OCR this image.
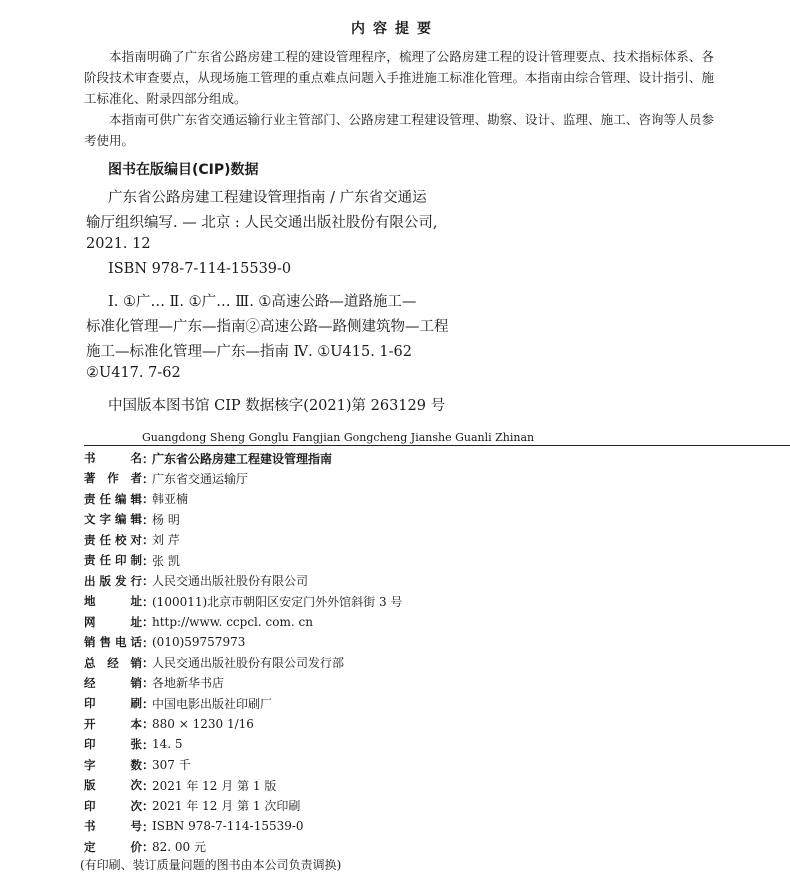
内容提要
本指南明确了广东省公路房建工程的建设管理程序，梳理了公路房建工程的设计管理要点、技术指标体系、各阶段技术审查要点，从现场施工管理的重点难点问题入手推进施工标准化管理。本指南由综合管理、设计指引、施工标准化、附录四部分组成。
本指南可供广东省交通运输行业主管部门、公路房建工程建设管理、勘察、设计、监理、施工、咨询等人员参考使用。
图书在版编目(CIP)数据
广东省公路房建工程建设管理指南 / 广东省交通运
输厅组织编写. — 北京 : 人民交通出版社股份有限公司,
2021. 12
ISBN 978-7-114-15539-0
Ⅰ. ①广… Ⅱ. ①广… Ⅲ. ①高速公路—道路施工—
标准化管理—广东—指南②高速公路—路侧建筑物—工程
施工—标准化管理—广东—指南 Ⅳ. ①U415. 1-62
②U417. 7-62
中国版本图书馆 CIP 数据核字(2021)第 263129 号
Guangdong Sheng Gonglu Fangjian Gongcheng Jianshe Guanli Zhinan
书	名 ：
广东省公路房建工程建设管理指南
著 作 者 ：
广东省交通运输厅
责 任 编 辑 ：
韩亚楠
文 字 编 辑 ：
杨 明
责 任 校 对 ：
刘 芹
责 任 印 制 ：
张 凯
出 版 发 行 ：
人民交通出版社股份有限公司
地	址 ：
(100011)北京市朝阳区安定门外外馆斜街 3 号
网	址 ：
http://www. ccpcl. com. cn
销 售 电 话 ：
(010)59757973
总 经 销 ：
人民交通出版社股份有限公司发行部
经	销 ：
各地新华书店
印	刷 ：
中国电影出版社印刷厂
开	本 ：
880 × 1230 1/16
印	张 ：
14. 5
字	数 ：
307 千
版	次 ：
2021 年 12 月 第 1 版
印	次 ：
2021 年 12 月 第 1 次印刷
书	号 ：
ISBN 978-7-114-15539-0
定	价 ：
82. 00 元
(有印刷、装订质量问题的图书由本公司负责调换)
